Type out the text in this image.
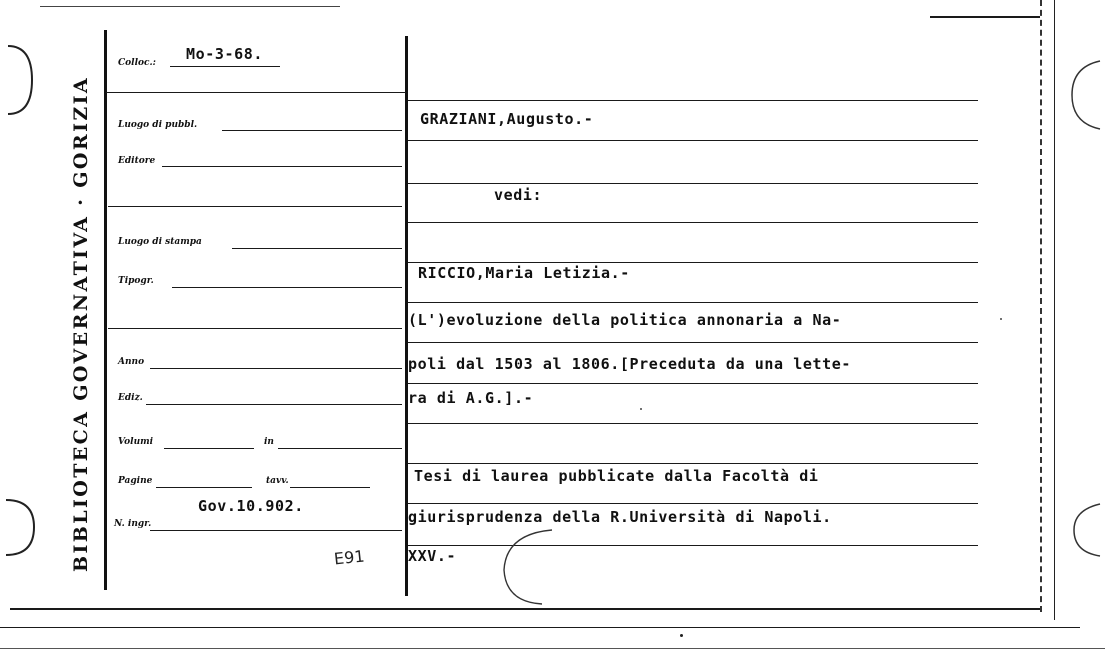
BIBLIOTECA GOVERNATIVA · GORIZIA
Colloc.: Mo-3-68.
Luogo di pubbl.
Editore
Luogo di stampa
Tipogr.
Anno
Ediz.
Volumi	in
Pagine	tavv.
Gov.10.902.
N. ingr.
E91
GRAZIANI,Augusto.-
vedi:
RICCIO,Maria Letizia.-
(L')evoluzione della politica annonaria a Na-
poli dal 1503 al 1806.[Preceduta da una lette-
ra di A.G.].-
Tesi di laurea pubblicate dalla Facoltà di
giurisprudenza della R.Università di Napoli.
XXV.-
